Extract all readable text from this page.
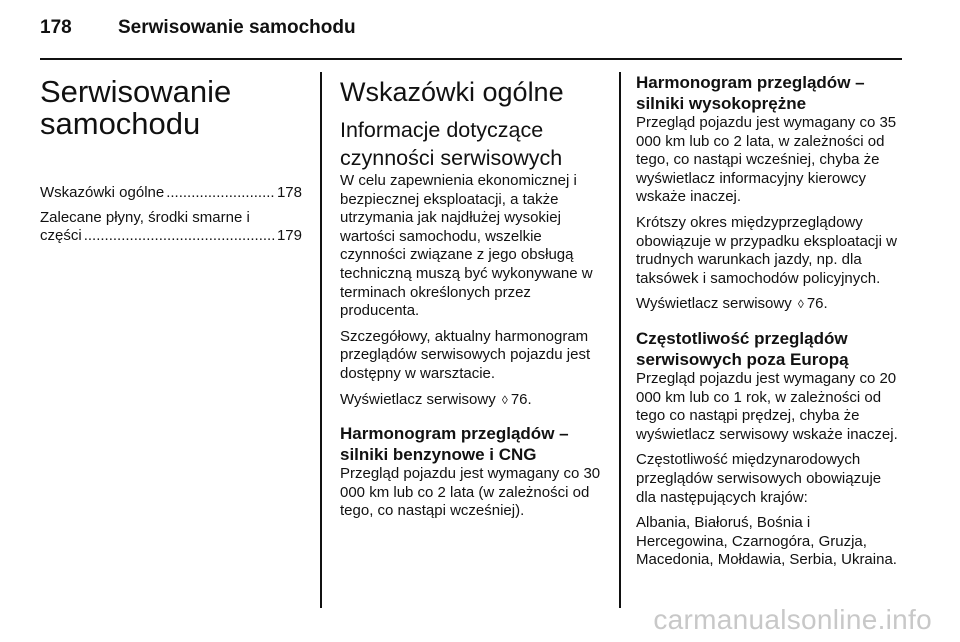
178	Serwisowanie samochodu
Serwisowanie samochodu
Wskazówki ogólne .....	178
Zalecane płyny, środki smarne i
części .....	179
Wskazówki ogólne
Informacje dotyczące czynności serwisowych

W celu zapewnienia ekonomicznej i bezpiecznej eksploatacji, a także utrzymania jak najdłużej wysokiej wartości samochodu, wszelkie czynności związane z jego obsługą techniczną muszą być wykonywane w terminach określonych przez producenta.

Szczegółowy, aktualny harmonogram przeglądów serwisowych pojazdu jest dostępny w warsztacie.

Wyświetlacz serwisowy ◊ 76.

Harmonogram przeglądów – silniki benzynowe i CNG

Przegląd pojazdu jest wymagany co 30 000 km lub co 2 lata (w zależności od tego, co nastąpi wcześniej).

Harmonogram przeglądów – silniki wysokoprężne

Przegląd pojazdu jest wymagany co 35 000 km lub co 2 lata, w zależności od tego, co nastąpi wcześniej, chyba że wyświetlacz informacyjny kierowcy wskaże inaczej.

Krótszy okres międzyprzeglądowy obowiązuje w przypadku eksploatacji w trudnych warunkach jazdy, np. dla taksówek i samochodów policyjnych.

Wyświetlacz serwisowy ◊ 76.

Częstotliwość przeglądów serwisowych poza Europą

Przegląd pojazdu jest wymagany co 20 000 km lub co 1 rok, w zależności od tego co nastąpi prędzej, chyba że wyświetlacz serwisowy wskaże inaczej.

Częstotliwość międzynarodowych przeglądów serwisowych obowiązuje dla następujących krajów:

Albania, Białoruś, Bośnia i Hercegowina, Czarnogóra, Gruzja, Macedonia, Mołdawia, Serbia, Ukraina.

carmanualsonline.info
